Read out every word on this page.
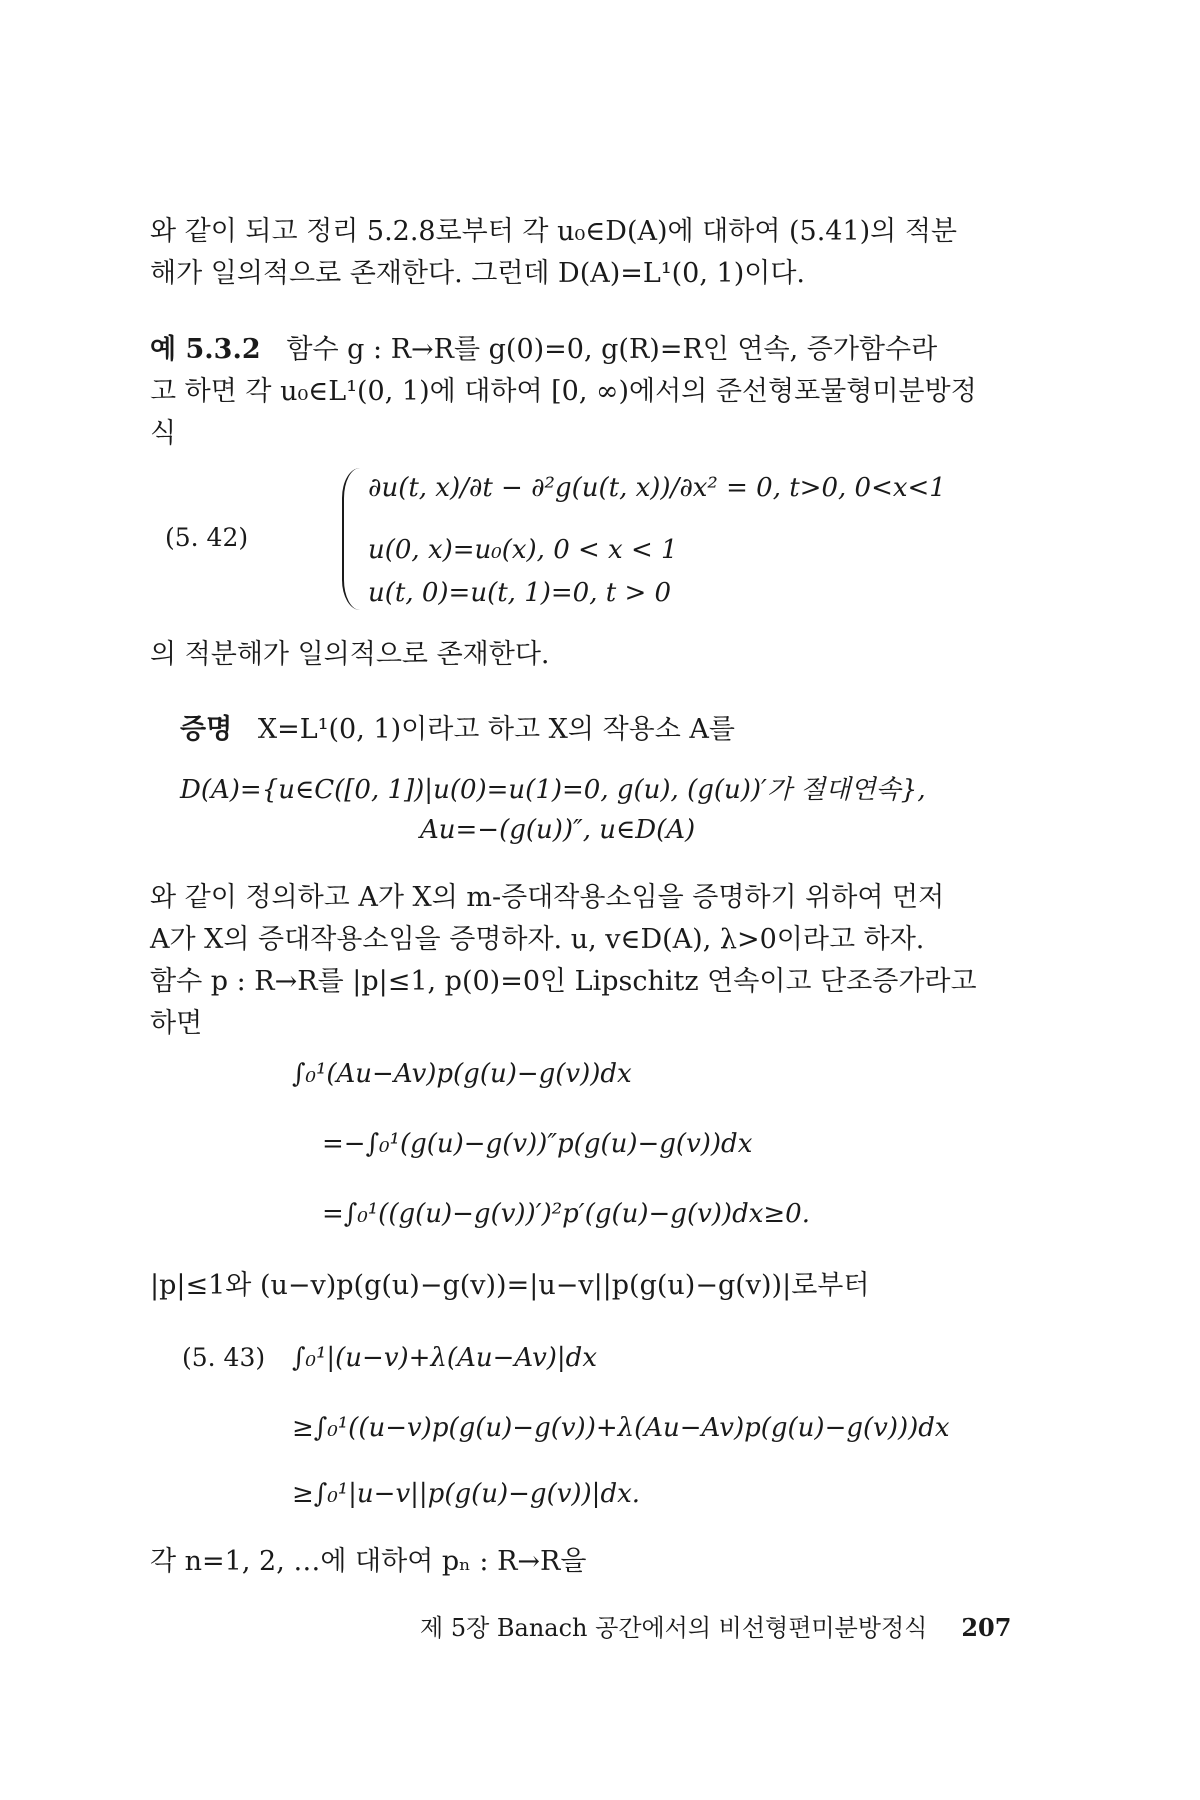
와 같이 되고 정리 5.2.8로부터 각 u₀∈D(A)에 대하여 (5.41)의 적분
해가 일의적으로 존재한다. 그런데 D(A)=L¹(0, 1)이다.
예 5.3.2 함수 g : R→R를 g(0)=0, g(R)=R인 연속, 증가함수라
고 하면 각 u₀∈L¹(0, 1)에 대하여 [0, ∞)에서의 준선형포물형미분방정
식
(5. 42)
∂u(t, x)/∂t − ∂²g(u(t, x))/∂x² = 0, t>0, 0<x<1
u(0, x)=u₀(x), 0 < x < 1
u(t, 0)=u(t, 1)=0, t > 0
의 적분해가 일의적으로 존재한다.
증명 X=L¹(0, 1)이라고 하고 X의 작용소 A를
D(A)={u∈C([0, 1])|u(0)=u(1)=0, g(u), (g(u))′가 절대연속},
Au=−(g(u))″, u∈D(A)
와 같이 정의하고 A가 X의 m-증대작용소임을 증명하기 위하여 먼저
A가 X의 증대작용소임을 증명하자. u, v∈D(A), λ>0이라고 하자.
함수 p : R→R를 |p|≤1, p(0)=0인 Lipschitz 연속이고 단조증가라고
하면
∫₀¹(Au−Av)p(g(u)−g(v))dx
=−∫₀¹(g(u)−g(v))″p(g(u)−g(v))dx
=∫₀¹((g(u)−g(v))′)²p′(g(u)−g(v))dx≥0.
|p|≤1와 (u−v)p(g(u)−g(v))=|u−v||p(g(u)−g(v))|로부터
(5. 43) ∫₀¹|(u−v)+λ(Au−Av)|dx
≥∫₀¹((u−v)p(g(u)−g(v))+λ(Au−Av)p(g(u)−g(v)))dx
≥∫₀¹|u−v||p(g(u)−g(v))|dx.
각 n=1, 2, …에 대하여 pₙ : R→R을
제 5장 Banach 공간에서의 비선형편미분방정식 207
